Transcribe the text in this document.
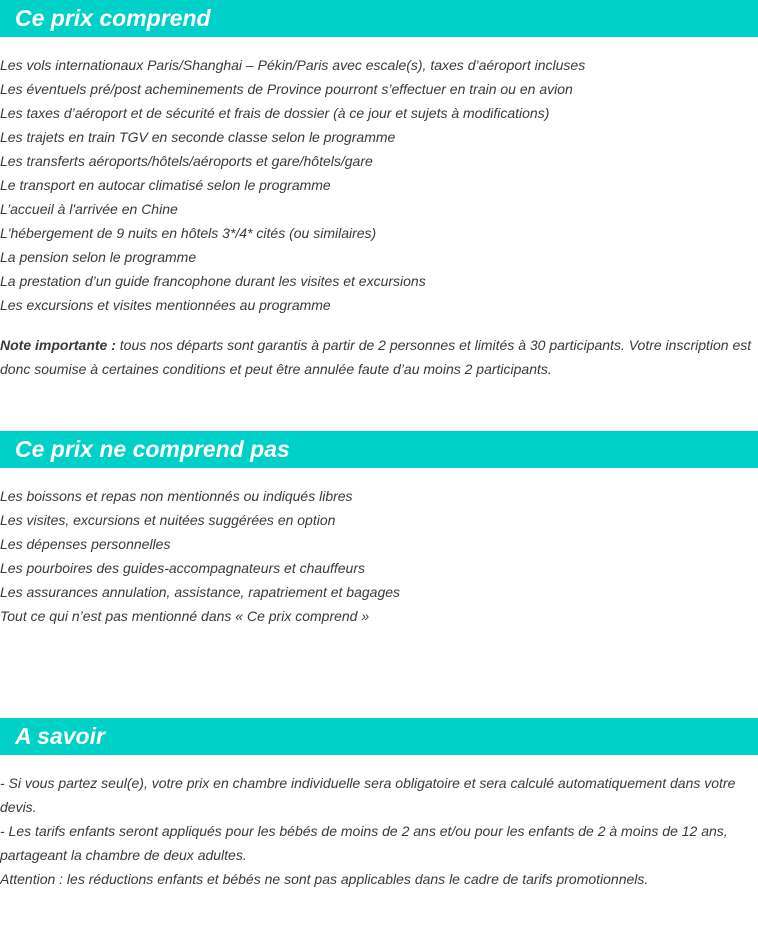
Ce prix comprend
Les vols internationaux Paris/Shanghai – Pékin/Paris avec escale(s), taxes d’aéroport incluses
Les éventuels pré/post acheminements de Province pourront s’effectuer en train ou en avion
Les taxes d’aéroport et de sécurité et frais de dossier (à ce jour et sujets à modifications)
Les trajets en train TGV en seconde classe selon le programme
Les transferts aéroports/hôtels/aéroports et gare/hôtels/gare
Le transport en autocar climatisé selon le programme
L’accueil à l'arrivée en Chine
L'hébergement de 9 nuits en hôtels 3*/4* cités (ou similaires)
La pension selon le programme
La prestation d’un guide francophone durant les visites et excursions
Les excursions et visites mentionnées au programme

Note importante : tous nos départs sont garantis à partir de 2 personnes et limités à 30 participants. Votre inscription est donc soumise à certaines conditions et peut être annulée faute d’au moins 2 participants.

Ce prix ne comprend pas
Les boissons et repas non mentionnés ou indiqués libres
Les visites, excursions et nuitées suggérées en option
Les dépenses personnelles
Les pourboires des guides-accompagnateurs et chauffeurs
Les assurances annulation, assistance, rapatriement et bagages
Tout ce qui n’est pas mentionné dans « Ce prix comprend »
A savoir

- Si vous partez seul(e), votre prix en chambre individuelle sera obligatoire et sera calculé automatiquement dans votre devis.

- Les tarifs enfants seront appliqués pour les bébés de moins de 2 ans et/ou pour les enfants de 2 à moins de 12 ans, partageant la chambre de deux adultes.

Attention : les réductions enfants et bébés ne sont pas applicables dans le cadre de tarifs promotionnels.
